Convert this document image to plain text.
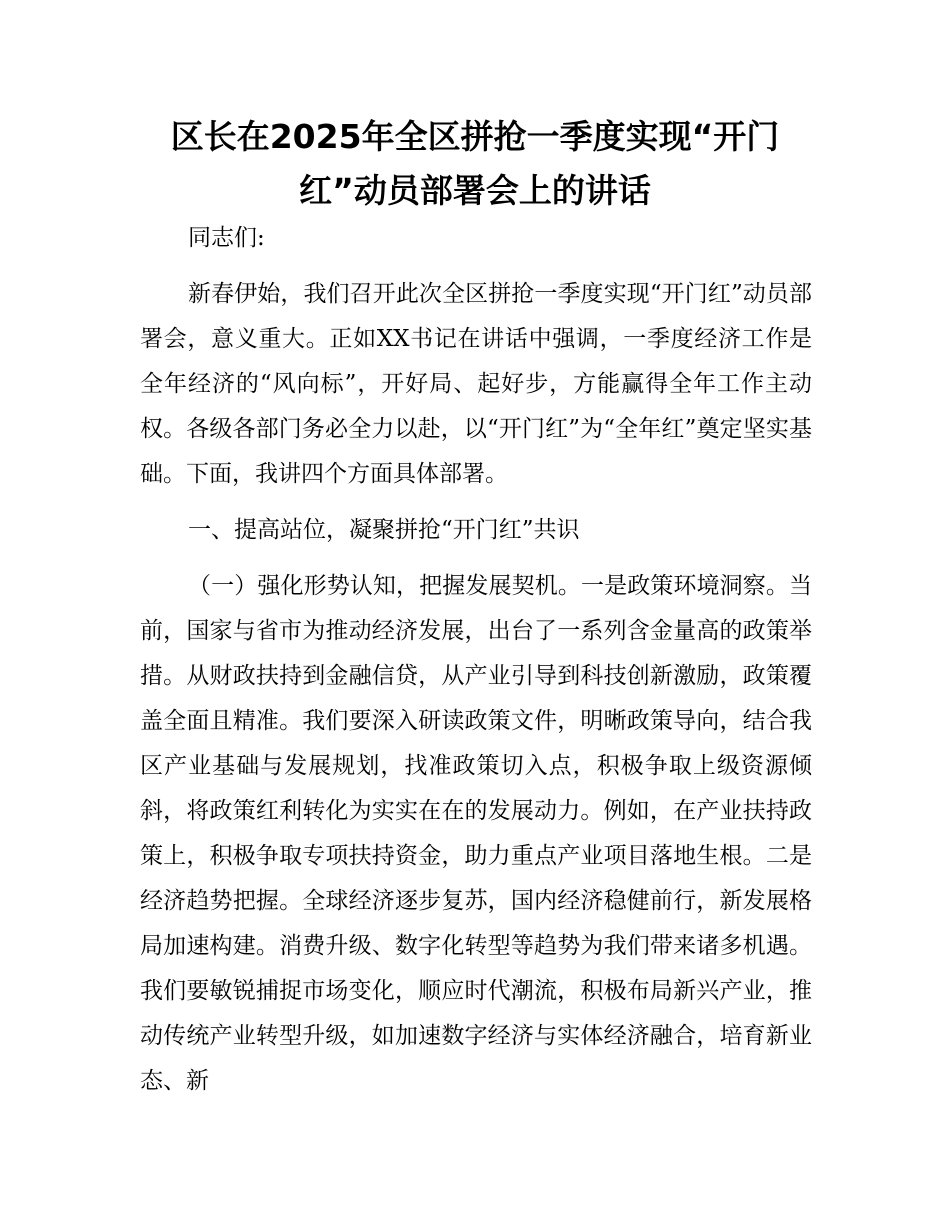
区长在2025年全区拼抢一季度实现“开门红”动员部署会上的讲话

同志们:

新春伊始，我们召开此次全区拼抢一季度实现“开门红”动员部署会，意义重大。正如XX书记在讲话中强调，一季度经济工作是全年经济的“风向标”，开好局、起好步，方能赢得全年工作主动权。各级各部门务必全力以赴，以“开门红”为“全年红”奠定坚实基础。下面，我讲四个方面具体部署。

一、提高站位，凝聚拼抢“开门红”共识

（一）强化形势认知，把握发展契机。一是政策环境洞察。当前，国家与省市为推动经济发展，出台了一系列含金量高的政策举措。从财政扶持到金融信贷，从产业引导到科技创新激励，政策覆盖全面且精准。我们要深入研读政策文件，明晰政策导向，结合我区产业基础与发展规划，找准政策切入点，积极争取上级资源倾斜，将政策红利转化为实实在在的发展动力。例如，在产业扶持政策上，积极争取专项扶持资金，助力重点产业项目落地生根。二是经济趋势把握。全球经济逐步复苏，国内经济稳健前行，新发展格局加速构建。消费升级、数字化转型等趋势为我们带来诸多机遇。我们要敏锐捕捉市场变化，顺应时代潮流，积极布局新兴产业，推动传统产业转型升级，如加速数字经济与实体经济融合，培育新业态、新
